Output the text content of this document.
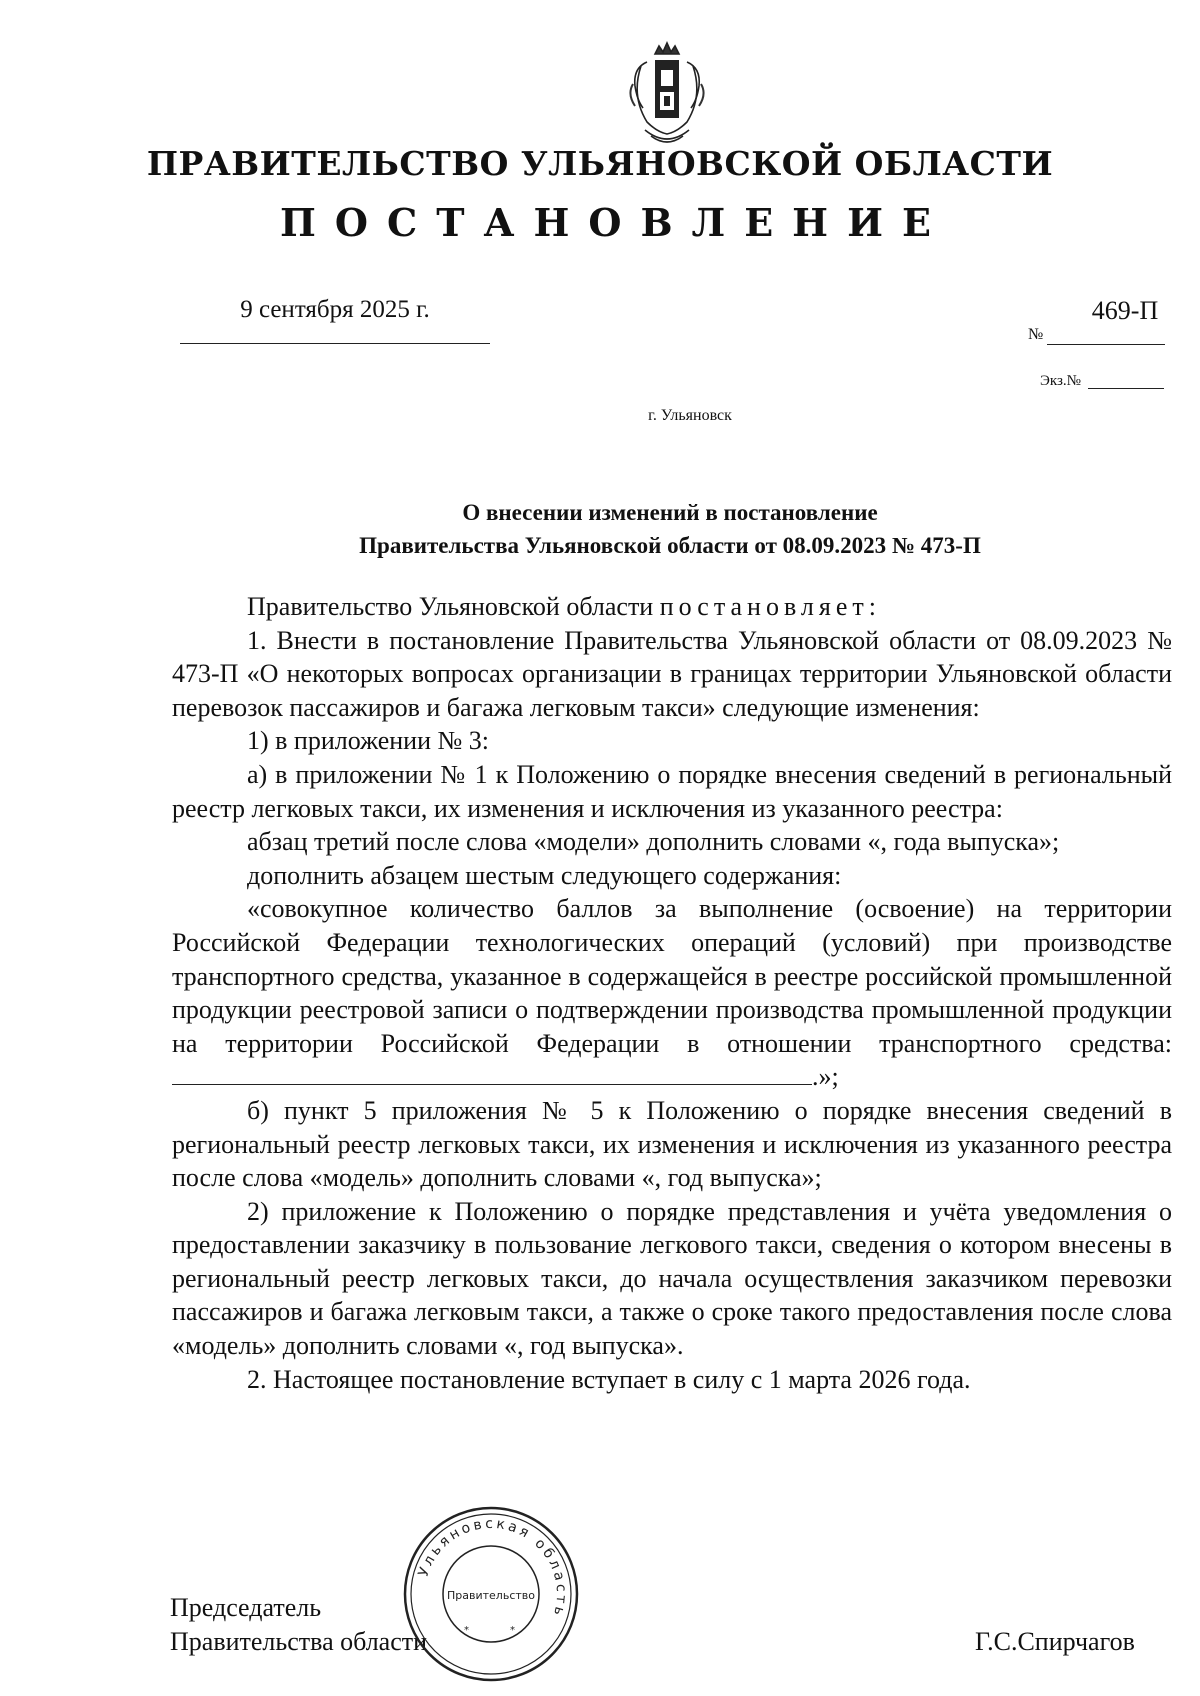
ПРАВИТЕЛЬСТВО УЛЬЯНОВСКОЙ ОБЛАСТИ
ПОСТАНОВЛЕНИЕ
9 сентября 2025 г.
№
469-П
Экз.№
г. Ульяновск
О внесении изменений в постановление
Правительства Ульяновской области от 08.09.2023 № 473-П

Правительство Ульяновской области постановляет:

1. Внести в постановление Правительства Ульяновской области от 08.09.2023 № 473-П «О некоторых вопросах организации в границах территории Ульяновской области перевозок пассажиров и багажа легковым такси» следующие изменения:

1) в приложении № 3:

а) в приложении № 1 к Положению о порядке внесения сведений в региональный реестр легковых такси, их изменения и исключения из указанного реестра:

абзац третий после слова «модели» дополнить словами «, года выпуска»;

дополнить абзацем шестым следующего содержания:

«совокупное количество баллов за выполнение (освоение) на территории Российской Федерации технологических операций (условий) при производстве транспортного средства, указанное в содержащейся в реестре российской промышленной продукции реестровой записи о подтверждении производства промышленной продукции на территории Российской Федерации в отношении транспортного средства:.»;

б) пункт 5 приложения № 5 к Положению о порядке внесения сведений в региональный реестр легковых такси, их изменения и исключения из указанного реестра после слова «модель» дополнить словами «, год выпуска»;

2) приложение к Положению о порядке представления и учёта уведомления о предоставлении заказчику в пользование легкового такси, сведения о котором внесены в региональный реестр легковых такси, до начала осуществления заказчиком перевозки пассажиров и багажа легковым такси, а также о сроке такого предоставления после слова «модель» дополнить словами «, год выпуска».

2. Настоящее постановление вступает в силу с 1 марта 2026 года.

Председатель
Правительства области	Г.С.Спирчагов
Ульяновская область
Правительство
*	*
